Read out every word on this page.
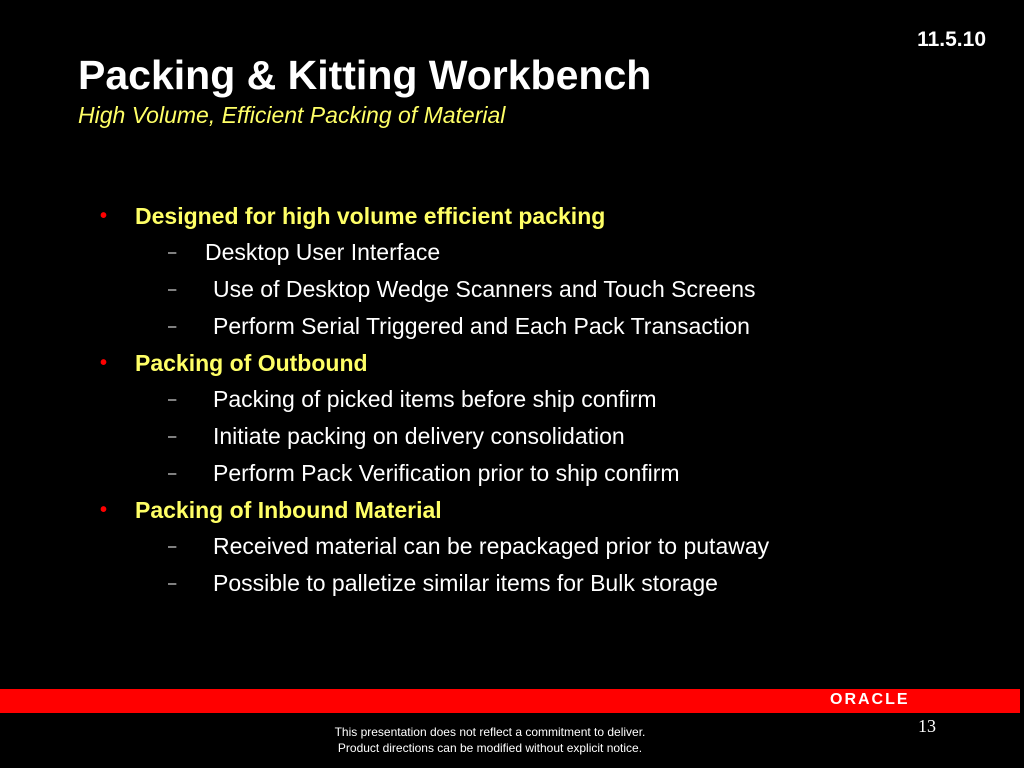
11.5.10
Packing & Kitting Workbench
High Volume, Efficient Packing of Material
• Designed for high volume efficient packing
– Desktop User Interface
– Use of Desktop Wedge Scanners and Touch Screens
– Perform Serial Triggered and Each Pack Transaction
• Packing of Outbound
– Packing of picked items before ship confirm
– Initiate packing on delivery consolidation
– Perform Pack Verification prior to ship confirm
• Packing of Inbound Material
– Received material can be repackaged prior to putaway
– Possible to palletize similar items for Bulk storage
ORACLE
13
This presentation does not reflect a commitment to deliver.
Product directions can be modified without explicit notice.
